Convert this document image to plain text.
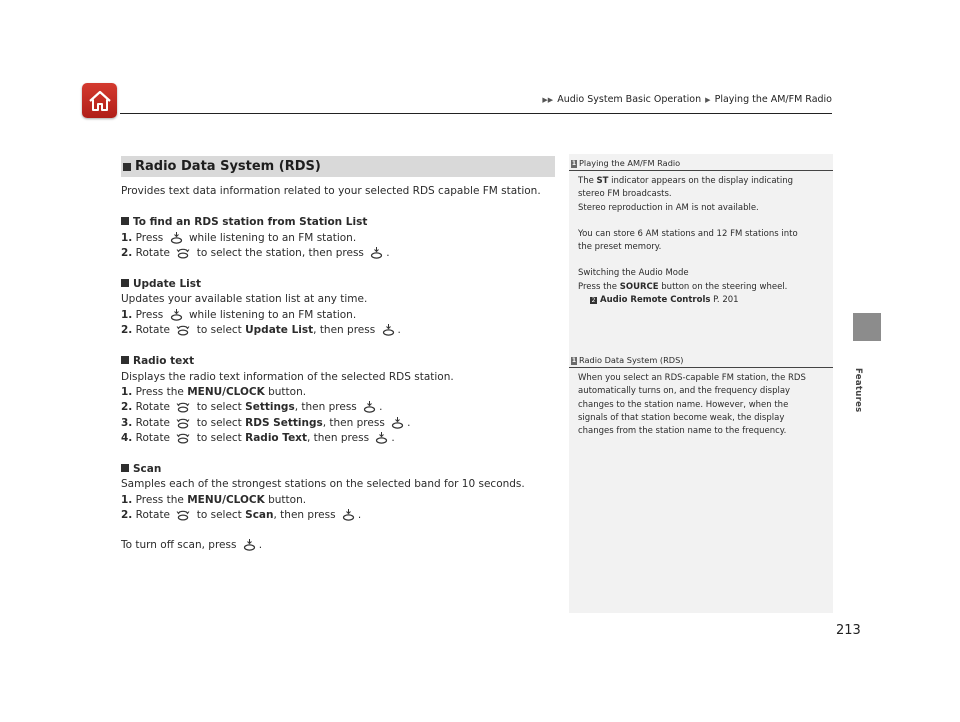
▶▶ Audio System Basic Operation ▶ Playing the AM/FM Radio
Features
Radio Data System (RDS)
Provides text data information related to your selected RDS capable FM station.
To find an RDS station from Station List
1. Press while listening to an FM station.
2. Rotate	to select the station, then press .
Update List
Updates your available station list at any time.
1. Press while listening to an FM station.
2. Rotate	to select Update List, then press .
Radio text
Displays the radio text information of the selected RDS station.
1. Press the MENU/CLOCK button.
2. Rotate	to select Settings, then press .
3. Rotate	to select RDS Settings, then press .
4. Rotate	to select Radio Text, then press .
Scan
Samples each of the strongest stations on the selected band for 10 seconds.
1. Press the MENU/CLOCK button.
2. Rotate	to select Scan, then press .
To turn off scan, press .
1 Playing the AM/FM Radio
The ST indicator appears on the display indicating
stereo FM broadcasts.
Stereo reproduction in AM is not available.
You can store 6 AM stations and 12 FM stations into
the preset memory.
Switching the Audio Mode
Press the SOURCE button on the steering wheel.
2 Audio Remote Controls P. 201
1 Radio Data System (RDS)
When you select an RDS-capable FM station, the RDS
automatically turns on, and the frequency display
changes to the station name. However, when the
signals of that station become weak, the display
changes from the station name to the frequency.
213
